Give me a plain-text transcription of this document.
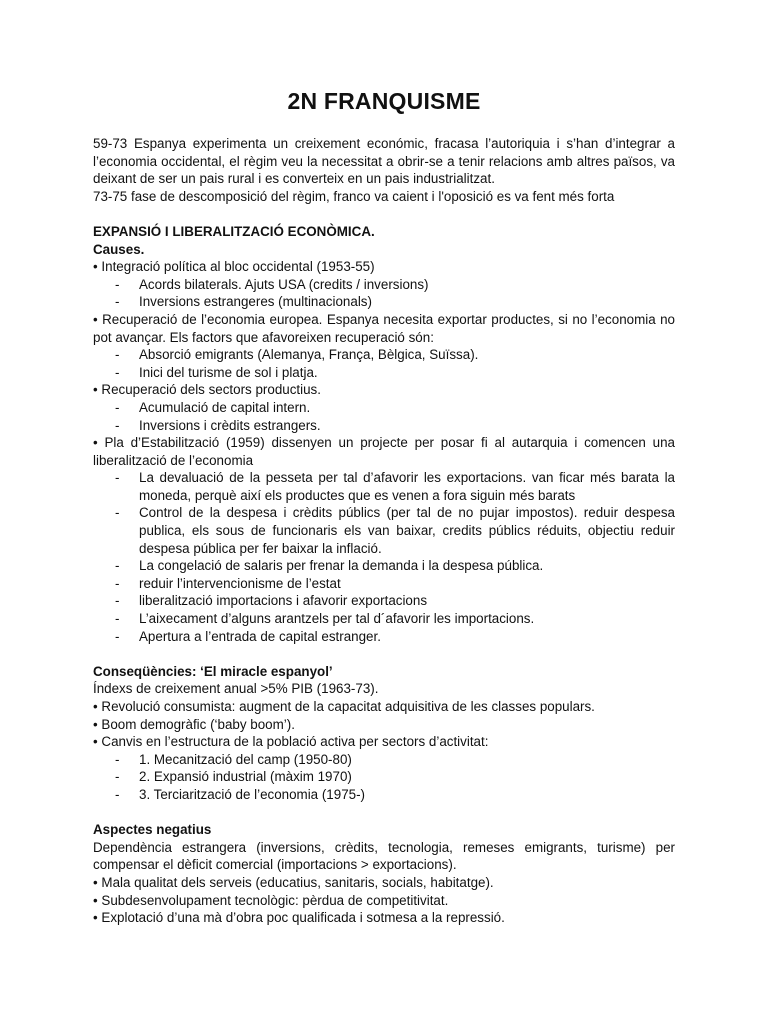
2N FRANQUISME

59-73 Espanya experimenta un creixement económic, fracasa l’autoriquia i s’han d’integrar a l’economia occidental, el règim veu la necessitat a obrir-se a tenir relacions amb altres països, va deixant de ser un pais rural i es converteix en un pais industrialitzat.

73-75 fase de descomposició del règim, franco va caient i l'oposició es va fent més forta

EXPANSIÓ I LIBERALITZACIÓ ECONÒMICA.

Causes.

• Integració política al bloc occidental (1953-55)

- Acords bilaterals. Ajuts USA (credits / inversions)

- Inversions estrangeres (multinacionals)

• Recuperació de l’economia europea. Espanya necesita exportar productes, si no l’economia no pot avançar. Els factors que afavoreixen recuperació són:

- Absorció emigrants (Alemanya, França, Bèlgica, Suïssa).

- Inici del turisme de sol i platja.

• Recuperació dels sectors productius.

- Acumulació de capital intern.

- Inversions i crèdits estrangers.

• Pla d’Estabilització (1959) dissenyen un projecte per posar fi al autarquia i comencen una liberalització de l’economia

- La devaluació de la pesseta per tal d’afavorir les exportacions. van ficar més barata la moneda, perquè així els productes que es venen a fora siguin més barats

- Control de la despesa i crèdits públics (per tal de no pujar impostos). reduir despesa publica, els sous de funcionaris els van baixar, credits públics réduits, objectiu reduir despesa pública per fer baixar la inflació.

- La congelació de salaris per frenar la demanda i la despesa pública.

- reduir l’intervencionisme de l’estat

- liberalització importacions i afavorir exportacions

- L’aixecament d’alguns arantzels per tal d´afavorir les importacions.

- Apertura a l’entrada de capital estranger.

Conseqüències: ‘El miracle espanyol’

Índexs de creixement anual >5% PIB (1963-73).

• Revolució consumista: augment de la capacitat adquisitiva de les classes populars.

• Boom demogràfic (‘baby boom’).

• Canvis en l’estructura de la població activa per sectors d’activitat:

- 1. Mecanització del camp (1950-80)

- 2. Expansió industrial (màxim 1970)

- 3. Terciarització de l’economia (1975-)

Aspectes negatius

Dependència estrangera (inversions, crèdits, tecnologia, remeses emigrants, turisme) per compensar el dèficit comercial (importacions > exportacions).

• Mala qualitat dels serveis (educatius, sanitaris, socials, habitatge).

• Subdesenvolupament tecnològic: pèrdua de competitivitat.

• Explotació d’una mà d’obra poc qualificada i sotmesa a la repressió.
